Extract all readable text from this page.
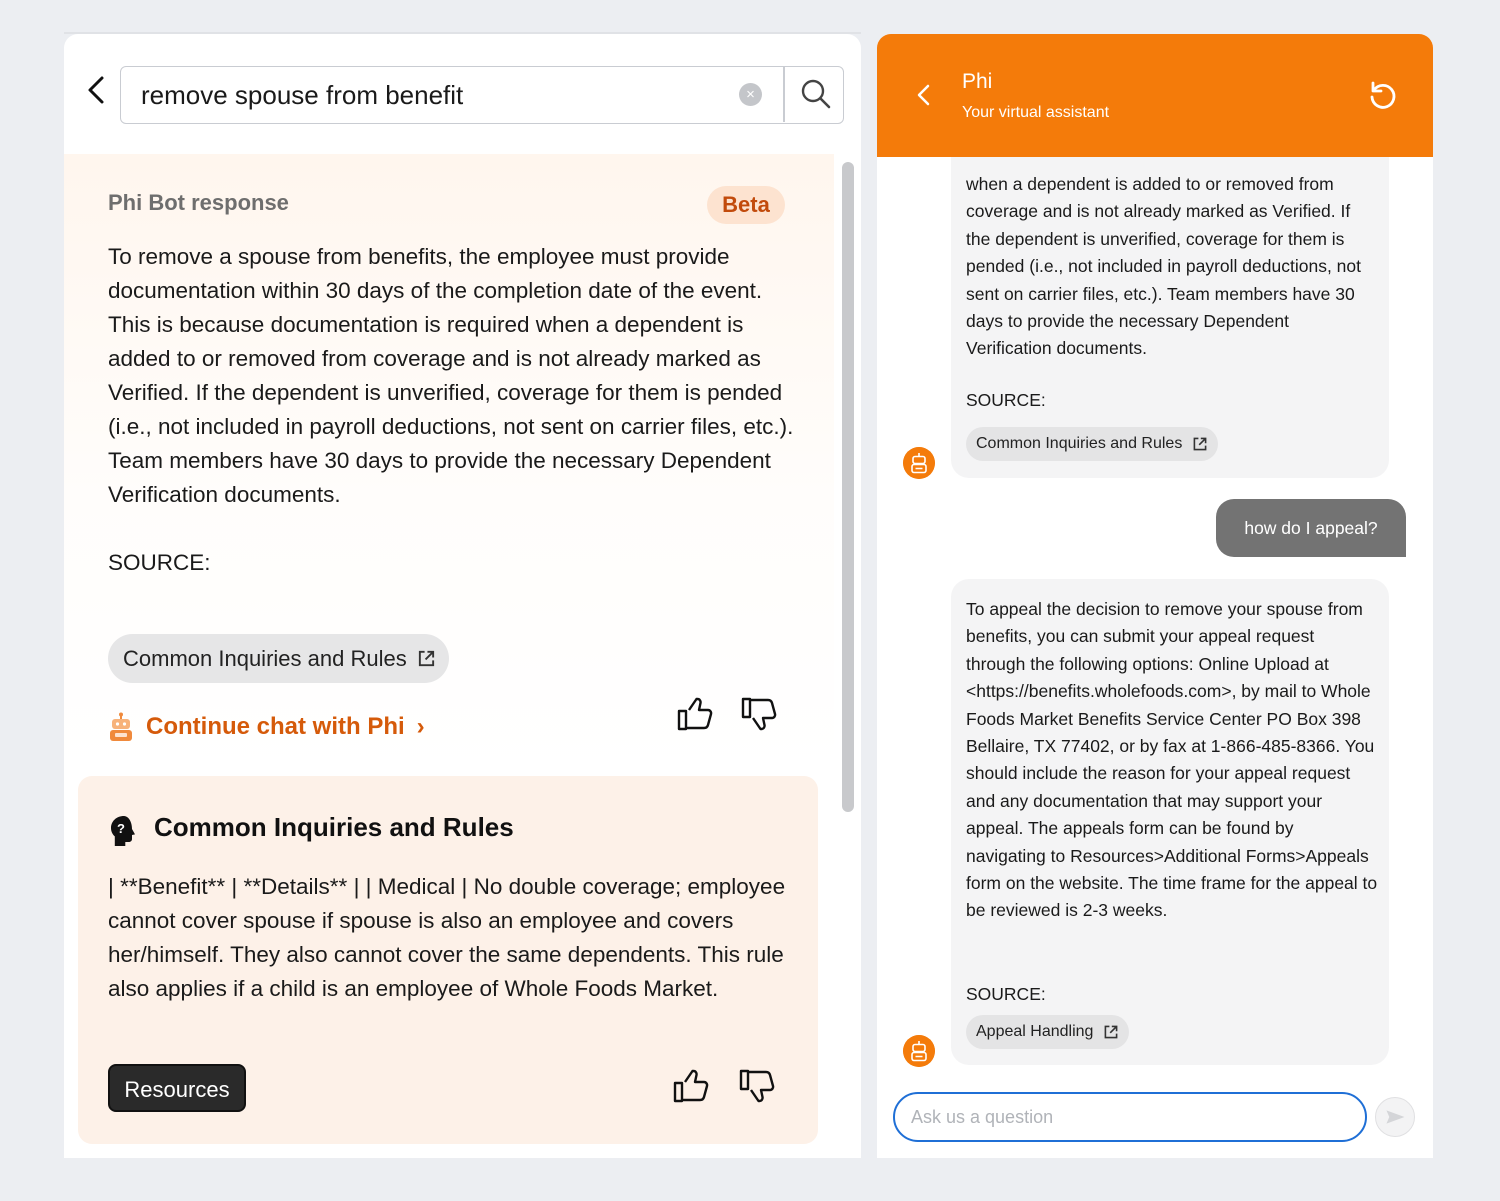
remove spouse from benefit
×
Phi Bot response	Beta
To remove a spouse from benefits, the employee must provide documentation within 30 days of the completion date of the event. This is because documentation is required when a dependent is added to or removed from coverage and is not already marked as Verified. If the dependent is unverified, coverage for them is pended (i.e., not included in payroll deductions, not sent on carrier files, etc.). Team members have 30 days to provide the necessary Dependent Verification documents.
SOURCE:
Common Inquiries and Rules
Continue chat with Phi ›
? Common Inquiries and Rules
| **Benefit** | **Details** | | Medical | No double coverage; employee cannot cover spouse if spouse is also an employee and covers her/himself. They also cannot cover the same dependents. This rule also applies if a child is an employee of Whole Foods Market.
Resources
Phi
Your virtual assistant
when a dependent is added to or removed from coverage and is not already marked as Verified. If the dependent is unverified, coverage for them is pended (i.e., not included in payroll deductions, not sent on carrier files, etc.). Team members have 30 days to provide the necessary Dependent Verification documents.
SOURCE:
Common Inquiries and Rules
how do I appeal?
To appeal the decision to remove your spouse from benefits, you can submit your appeal request through the following options: Online Upload at <https://benefits.wholefoods.com>, by mail to Whole Foods Market Benefits Service Center PO Box 398 Bellaire, TX 77402, or by fax at 1-866-485-8366. You should include the reason for your appeal request and any documentation that may support your appeal. The appeals form can be found by navigating to Resources>Additional Forms>Appeals form on the website. The time frame for the appeal to be reviewed is 2-3 weeks.
SOURCE:
Appeal Handling
Ask us a question
